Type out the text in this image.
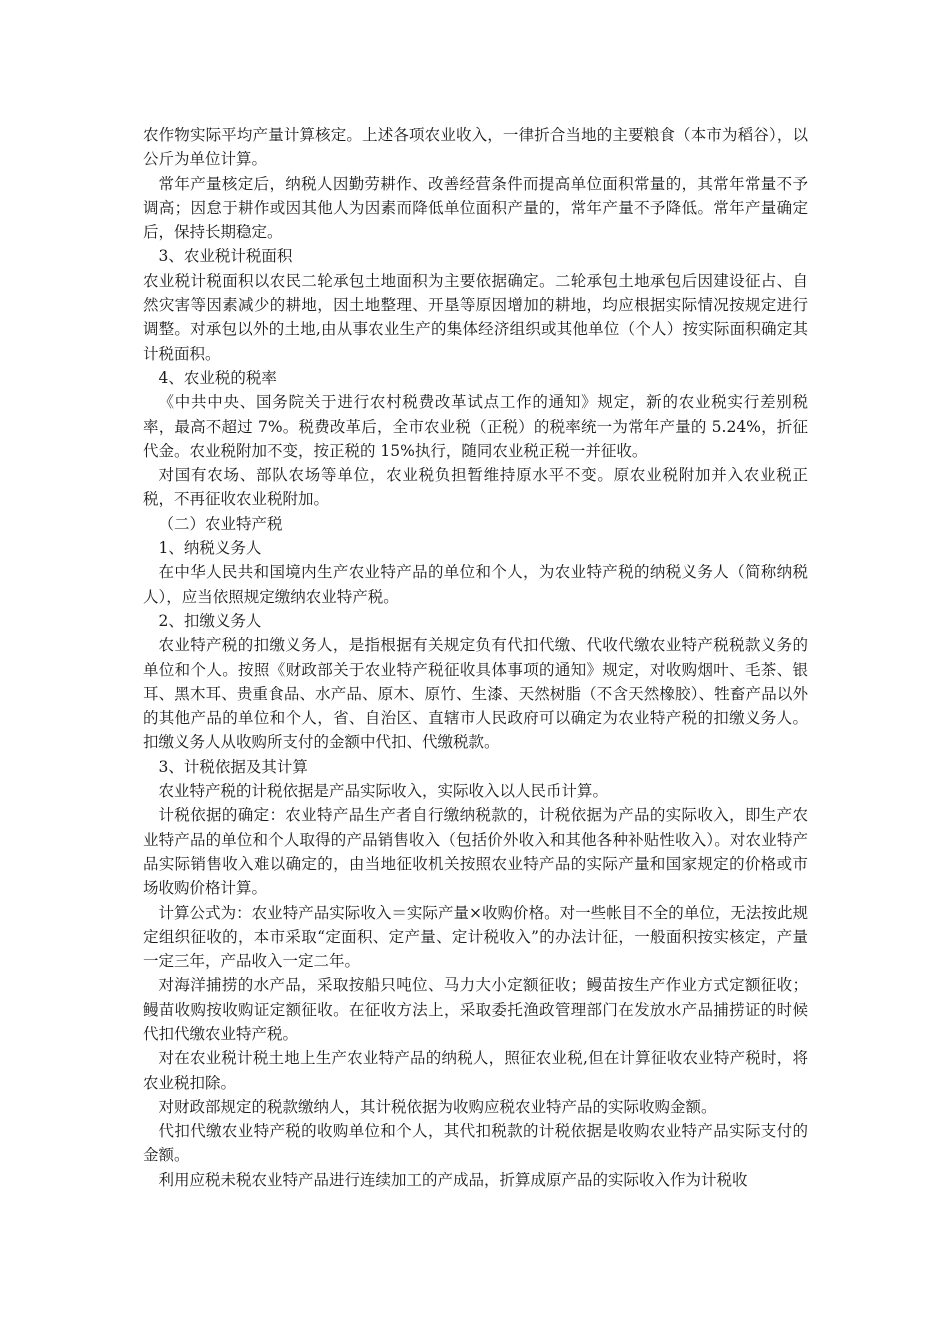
农作物实际平均产量计算核定。上述各项农业收入，一律折合当地的主要粮食（本市为稻谷），以公斤为单位计算。

常年产量核定后，纳税人因勤劳耕作、改善经营条件而提高单位面积常量的，其常年常量不予调高；因怠于耕作或因其他人为因素而降低单位面积产量的，常年产量不予降低。常年产量确定后，保持长期稳定。

3、农业税计税面积

农业税计税面积以农民二轮承包土地面积为主要依据确定。二轮承包土地承包后因建设征占、自然灾害等因素减少的耕地，因土地整理、开垦等原因增加的耕地，均应根据实际情况按规定进行调整。对承包以外的土地,由从事农业生产的集体经济组织或其他单位（个人）按实际面积确定其计税面积。

4、农业税的税率

《中共中央、国务院关于进行农村税费改革试点工作的通知》规定，新的农业税实行差别税率，最高不超过 7%。税费改革后，全市农业税（正税）的税率统一为常年产量的 5.24%，折征代金。农业税附加不变，按正税的 15%执行，随同农业税正税一并征收。

对国有农场、部队农场等单位，农业税负担暂维持原水平不变。原农业税附加并入农业税正税，不再征收农业税附加。

（二）农业特产税

1、纳税义务人

在中华人民共和国境内生产农业特产品的单位和个人，为农业特产税的纳税义务人（简称纳税人），应当依照规定缴纳农业特产税。

2、扣缴义务人

农业特产税的扣缴义务人，是指根据有关规定负有代扣代缴、代收代缴农业特产税税款义务的单位和个人。按照《财政部关于农业特产税征收具体事项的通知》规定，对收购烟叶、毛茶、银耳、黑木耳、贵重食品、水产品、原木、原竹、生漆、天然树脂（不含天然橡胶）、牲畜产品以外的其他产品的单位和个人，省、自治区、直辖市人民政府可以确定为农业特产税的扣缴义务人。扣缴义务人从收购所支付的金额中代扣、代缴税款。

3、计税依据及其计算

农业特产税的计税依据是产品实际收入，实际收入以人民币计算。

计税依据的确定：农业特产品生产者自行缴纳税款的，计税依据为产品的实际收入，即生产农业特产品的单位和个人取得的产品销售收入（包括价外收入和其他各种补贴性收入）。对农业特产品实际销售收入难以确定的，由当地征收机关按照农业特产品的实际产量和国家规定的价格或市场收购价格计算。

计算公式为：农业特产品实际收入＝实际产量×收购价格。对一些帐目不全的单位，无法按此规定组织征收的，本市采取“定面积、定产量、定计税收入”的办法计征，一般面积按实核定，产量一定三年，产品收入一定二年。

对海洋捕捞的水产品，采取按船只吨位、马力大小定额征收；鳗苗按生产作业方式定额征收；鳗苗收购按收购证定额征收。在征收方法上，采取委托渔政管理部门在发放水产品捕捞证的时候代扣代缴农业特产税。

对在农业税计税土地上生产农业特产品的纳税人，照征农业税,但在计算征收农业特产税时，将农业税扣除。

对财政部规定的税款缴纳人，其计税依据为收购应税农业特产品的实际收购金额。

代扣代缴农业特产税的收购单位和个人，其代扣税款的计税依据是收购农业特产品实际支付的金额。

利用应税未税农业特产品进行连续加工的产成品，折算成原产品的实际收入作为计税收
